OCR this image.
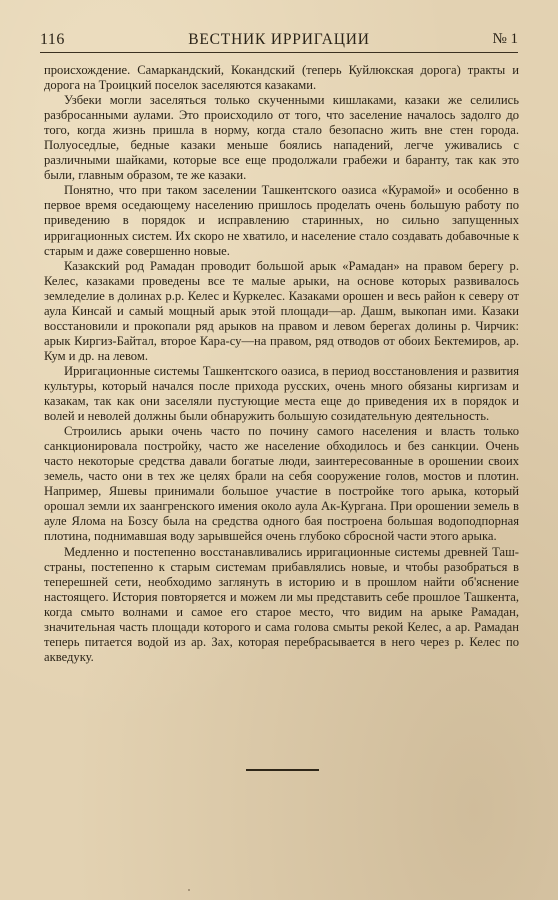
116	ВЕСТНИК ИРРИГАЦИИ	№ 1

происхождение. Самаркандский, Кокандский (теперь Куйлюкская дорога) тракты и дорога на Троицкий поселок заселяются казаками.

Узбеки могли заселяться только скученными кишлаками, казаки же селились разбросанными аулами. Это происходило от того, что заселение началось задолго до того, когда жизнь пришла в норму, когда стало безопасно жить вне стен города. Полуоседлые, бедные казаки меньше боялись нападений, легче уживались с различными шайками, которые все еще продолжали грабежи и баранту, так как это были, главным образом, те же казаки.

Понятно, что при таком заселении Ташкентского оазиса «Курамой» и особенно в первое время оседающему населению пришлось проделать очень большую работу по приведению в порядок и исправлению старинных, но сильно запущенных ирригационных систем. Их скоро не хватило, и население стало создавать добавочные к старым и даже совершенно новые.

Казакский род Рамадан проводит большой арык «Рамадан» на правом берегу р. Келес, казаками проведены все те малые арыки, на основе которых развивалось земледелие в долинах р.р. Келес и Куркелес. Казаками орошен и весь район к северу от аула Кинсай и самый мощный арык этой площади—ар. Дашм, выкопан ими. Казаки восстановили и прокопали ряд арыков на правом и левом берегах долины р. Чирчик: арык Киргиз-Байтал, второе Кара-су—на правом, ряд отводов от обоих Бектемиров, ар. Кум и др. на левом.

Ирригационные системы Ташкентского оазиса, в период восстановления и развития культуры, который начался после прихода русских, очень много обязаны киргизам и казакам, так как они заселяли пустующие места еще до приведения их в порядок и волей и неволей должны были обнаружить большую созидательную деятельность.

Строились арыки очень часто по почину самого населения и власть только санкционировала постройку, часто же население обходилось и без санкции. Очень часто некоторые средства давали богатые люди, заинтересованные в орошении своих земель, часто они в тех же целях брали на себя сооружение голов, мостов и плотин. Например, Яшевы принимали большое участие в постройке того арыка, который орошал земли их заангренского имения около аула Ак-Кургана. При орошении земель в ауле Ялома на Бозсу была на средства одного бая построена большая водоподпорная плотина, поднимавшая воду зарывшейся очень глубоко сбросной части этого арыка.

Медленно и постепенно восстанавливались ирригационные системы древней Таш-страны, постепенно к старым системам прибавлялись новые, и чтобы разобраться в теперешней сети, необходимо заглянуть в историю и в прошлом найти об'яснение настоящего. История повторяется и можем ли мы представить себе прошлое Ташкента, когда смыто волнами и самое его старое место, что видим на арыке Рамадан, значительная часть площади которого и сама голова смыты рекой Келес, а ар. Рамадан теперь питается водой из ар. Зах, которая перебрасывается в него через р. Келес по акведуку.
